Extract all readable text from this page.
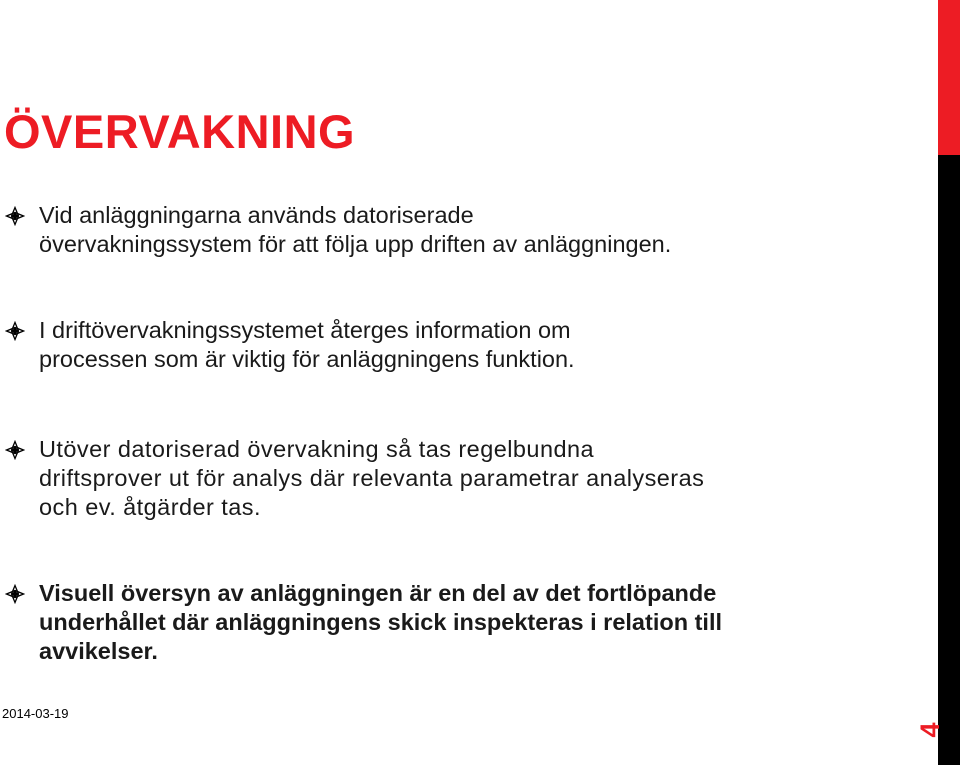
ÖVERVAKNING
Vid anläggningarna används datoriserade
övervakningssystem för att följa upp driften av anläggningen.
I driftövervakningssystemet återges information om
processen som är viktig för anläggningens funktion.
Utöver datoriserad övervakning så tas regelbundna
driftsprover ut för analys där relevanta parametrar analyseras
och ev. åtgärder tas.
Visuell översyn av anläggningen är en del av det fortlöpande
underhållet där anläggningens skick inspekteras i relation till
avvikelser.
2014-03-19
4
